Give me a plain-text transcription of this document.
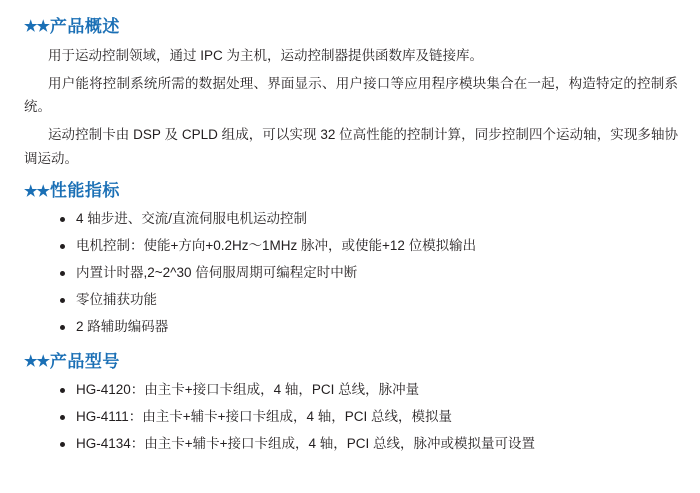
★★ 产品概述

用于运动控制领域，通过 IPC 为主机，运动控制器提供函数库及链接库。

用户能将控制系统所需的数据处理、界面显示、用户接口等应用程序模块集合在一起，构造特定的控制系统。

运动控制卡由 DSP 及 CPLD 组成，可以实现 32 位高性能的控制计算，同步控制四个运动轴，实现多轴协调运动。

★★ 性能指标
4 轴步进、交流/直流伺服电机运动控制
电机控制：使能+方向+0.2Hz～1MHz 脉冲，或使能+12 位模拟输出
内置计时器,2~2^30 倍伺服周期可编程定时中断
零位捕获功能
2 路辅助编码器
★★ 产品型号
HG-4120：由主卡+接口卡组成，4 轴，PCI 总线，脉冲量
HG-4111：由主卡+辅卡+接口卡组成，4 轴，PCI 总线，模拟量
HG-4134：由主卡+辅卡+接口卡组成，4 轴，PCI 总线，脉冲或模拟量可设置
